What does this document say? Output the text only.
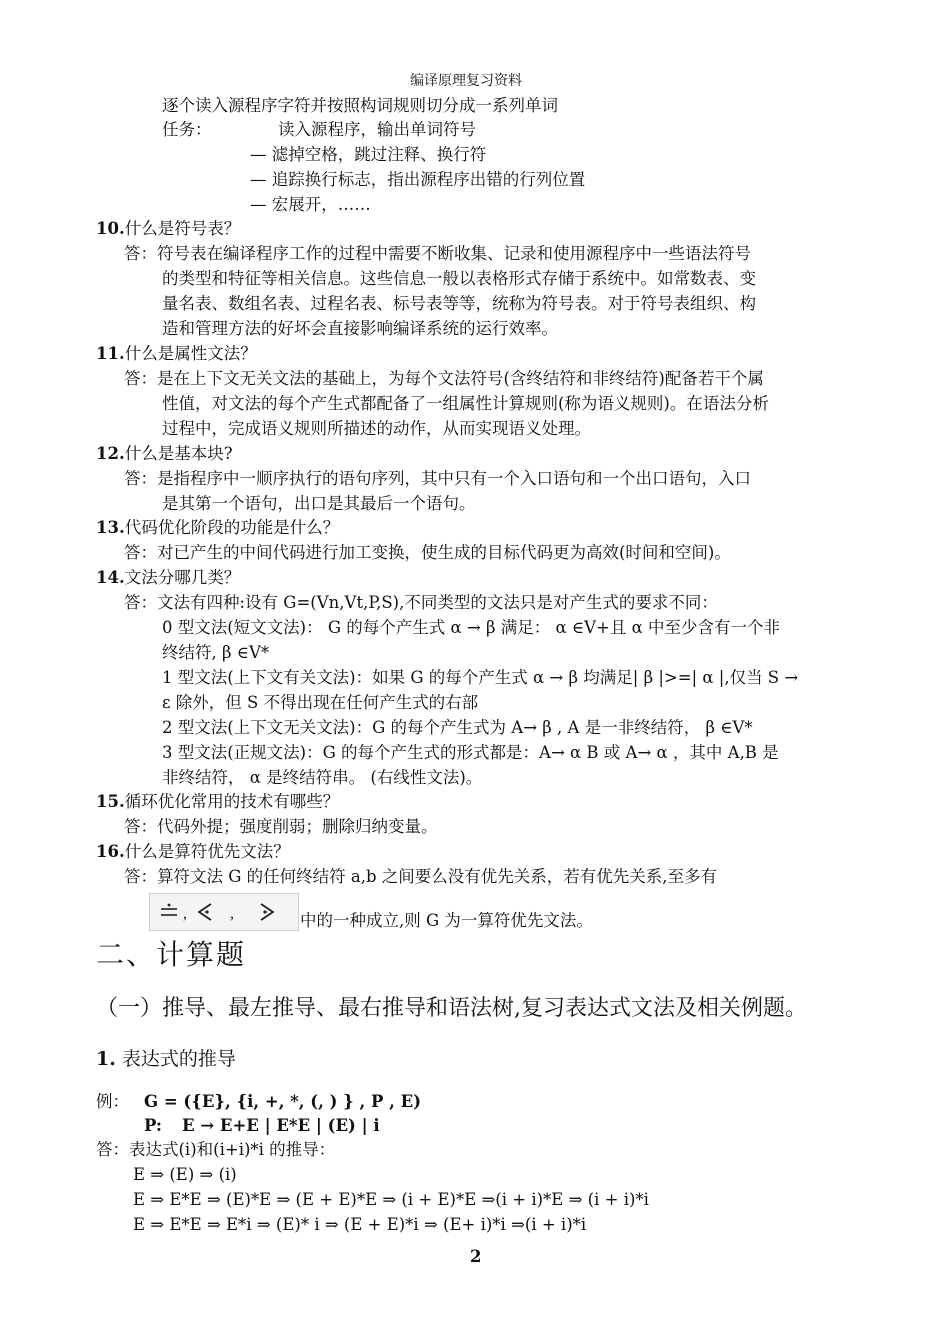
编译原理复习资料
逐个读入源程序字符并按照构词规则切分成一系列单词
任务：	读入源程序，输出单词符号
— 滤掉空格，跳过注释、换行符
— 追踪换行标志，指出源程序出错的行列位置
— 宏展开，……
10.什么是符号表？
答：符号表在编译程序工作的过程中需要不断收集、记录和使用源程序中一些语法符号
的类型和特征等相关信息。这些信息一般以表格形式存储于系统中。如常数表、变
量名表、数组名表、过程名表、标号表等等，统称为符号表。对于符号表组织、构
造和管理方法的好坏会直接影响编译系统的运行效率。
11.什么是属性文法？
答：是在上下文无关文法的基础上，为每个文法符号(含终结符和非终结符)配备若干个属
性值，对文法的每个产生式都配备了一组属性计算规则(称为语义规则)。在语法分析
过程中，完成语义规则所描述的动作，从而实现语义处理。
12.什么是基本块?
答：是指程序中一顺序执行的语句序列，其中只有一个入口语句和一个出口语句，入口
是其第一个语句，出口是其最后一个语句。
13.代码优化阶段的功能是什么？
答：对已产生的中间代码进行加工变换，使生成的目标代码更为高效(时间和空间)。
14.文法分哪几类？
答：文法有四种:设有 G=(Vn,Vt,P,S),不同类型的文法只是对产生式的要求不同：
0 型文法(短文文法)： G 的每个产生式 α → β 满足： α ∈V+且 α 中至少含有一个非
终结符, β ∈V*
1 型文法(上下文有关文法)：如果 G 的每个产生式 α → β 均满足| β |>=| α |,仅当 S →
ε 除外，但 S 不得出现在任何产生式的右部
2 型文法(上下文无关文法)：G 的每个产生式为 A→ β , A 是一非终结符， β ∈V*
3 型文法(正规文法)：G 的每个产生式的形式都是：A→ α B 或 A→ α ，其中 A,B 是
非终结符， α 是终结符串。 (右线性文法)。
15.循环优化常用的技术有哪些？
答：代码外提；强度削弱；删除归纳变量。
16.什么是算符优先文法？
答：算符文法 G 的任何终结符 a,b 之间要么没有优先关系，若有优先关系,至多有
,	,	中的一种成立,则 G 为一算符优先文法。
二、计算题
（一）推导、最左推导、最右推导和语法树,复习表达式文法及相关例题。
1. 表达式的推导
例： G = ({E}, {i, +, *, (, ) } , P , E)
P: E → E+E | E*E | (E) | i
答：表达式(i)和(i+i)*i 的推导：
E ⇒ (E) ⇒ (i)
E ⇒ E*E ⇒ (E)*E ⇒ (E + E)*E ⇒ (i + E)*E ⇒(i + i)*E ⇒ (i + i)*i
E ⇒ E*E ⇒ E*i ⇒ (E)* i ⇒ (E + E)*i ⇒ (E+ i)*i ⇒(i + i)*i
2
